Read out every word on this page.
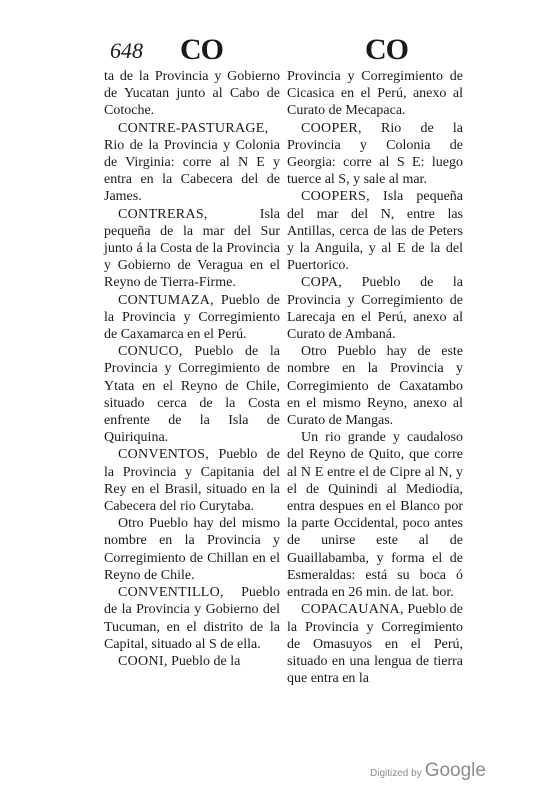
648 CO	CO

ta de la Provincia y Gobierno de Yucatan junto al Cabo de Cotoche.

CONTRE-PASTURAGE, Rio de la Provincia y Colonia de Virginia: corre al N E y entra en la Cabecera del de James.

CONTRERAS, Isla pequeña de la mar del Sur junto á la Costa de la Provincia y Gobierno de Veragua en el Reyno de Tierra-Firme.

CONTUMAZA, Pueblo de la Provincia y Corregimiento de Caxamarca en el Perú.

CONUCO, Pueblo de la Provincia y Corregimiento de Ytata en el Reyno de Chile, situado cerca de la Costa enfrente de la Isla de Quiriquina.

CONVENTOS, Pueblo de la Provincia y Capitania del Rey en el Brasil, situado en la Cabecera del rio Curytaba.

Otro Pueblo hay del mismo nombre en la Provincia y Corregimiento de Chillan en el Reyno de Chile.

CONVENTILLO, Pueblo de la Provincia y Gobierno del Tucuman, en el distrito de la Capital, situado al S de ella.

COONI, Pueblo de la

Provincia y Corregimiento de Cicasica en el Perú, anexo al Curato de Mecapaca.

COOPER, Rio de la Provincia y Colonia de Georgia: corre al S E: luego tuerce al S, y sale al mar.

COOPERS, Isla pequeña del mar del N, entre las Antillas, cerca de las de Peters y la Anguila, y al E de la del Puertorico.

COPA, Pueblo de la Provincia y Corregimiento de Larecaja en el Perú, anexo al Curato de Ambaná.

Otro Pueblo hay de este nombre en la Provincia y Corregimiento de Caxatambo en el mismo Reyno, anexo al Curato de Mangas.

Un rio grande y caudaloso del Reyno de Quito, que corre al N E entre el de Cipre al N, y el de Quinindi al Mediodia, entra despues en el Blanco por la parte Occidental, poco antes de unirse este al de Guaillabamba, y forma el de Esmeraldas: está su boca ó entrada en 26 min. de lat. bor.

COPACAUANA, Pueblo de la Provincia y Corregimiento de Omasuyos en el Perú, situado en una lengua de tierra que entra en la

Digitized by Google
